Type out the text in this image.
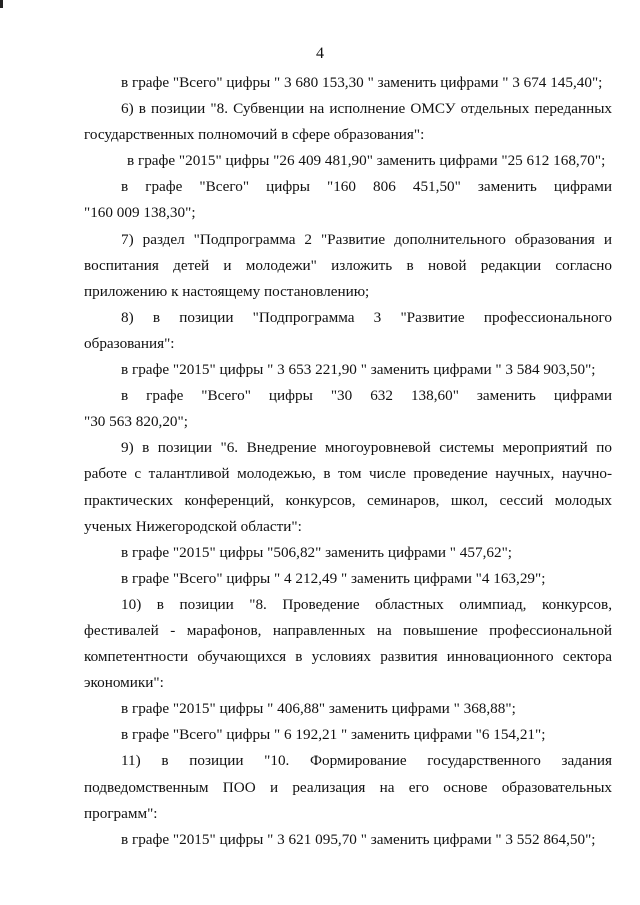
4
в графе "Всего" цифры " 3 680 153,30 " заменить цифрами " 3 674 145,40";
6) в позиции "8. Субвенции на исполнение ОМСУ отдельных переданных
государственных полномочий в сфере образования":
в графе "2015" цифры "26 409 481,90" заменить цифрами "25 612 168,70";
в графе "Всего" цифры "160 806 451,50" заменить цифрами
"160 009 138,30";
7) раздел "Подпрограмма 2 "Развитие дополнительного образования и
воспитания детей и молодежи" изложить в новой редакции согласно
приложению к настоящему постановлению;
8) в позиции "Подпрограмма 3 "Развитие профессионального
образования":
в графе "2015" цифры " 3 653 221,90 " заменить цифрами " 3 584 903,50";
в графе "Всего" цифры "30 632 138,60" заменить цифрами
"30 563 820,20";
9) в позиции "6. Внедрение многоуровневой системы мероприятий по
работе с талантливой молодежью, в том числе проведение научных, научно-
практических конференций, конкурсов, семинаров, школ, сессий молодых
ученых Нижегородской области":
в графе "2015" цифры "506,82" заменить цифрами " 457,62";
в графе "Всего" цифры " 4 212,49 " заменить цифрами "4 163,29";
10) в позиции "8. Проведение областных олимпиад, конкурсов,
фестивалей - марафонов, направленных на повышение профессиональной
компетентности обучающихся в условиях развития инновационного сектора
экономики":
в графе "2015" цифры " 406,88" заменить цифрами " 368,88";
в графе "Всего" цифры " 6 192,21 " заменить цифрами "6 154,21";
11) в позиции "10. Формирование государственного задания
подведомственным ПОО и реализация на его основе образовательных
программ":
в графе "2015" цифры " 3 621 095,70 " заменить цифрами " 3 552 864,50";
